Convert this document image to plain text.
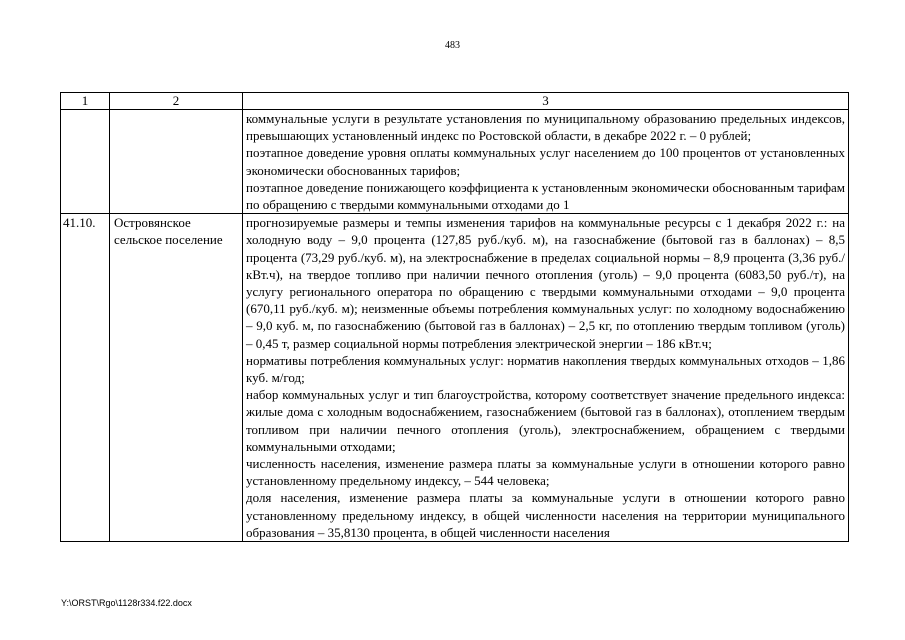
483
1	2	3

		коммунальные услуги в результате установления по муниципальному образованию предельных индексов, превышающих установленный индекс по Ростовской области, в декабре 2022 г. – 0 рублей;

поэтапное доведение уровня оплаты коммунальных услуг населением до 100 процентов от установленных экономически обоснованных тарифов;

поэтапное доведение понижающего коэффициента к установленным экономически обоснованным тарифам по обращению с твердыми коммунальными отходами до 1

41.10.	Островянское сельское поселение	прогнозируемые размеры и темпы изменения тарифов на коммунальные ресурсы с 1 декабря 2022 г.: на холодную воду – 9,0 процента (127,85 руб./куб. м), на газоснабжение (бытовой газ в баллонах) – 8,5 процента (73,29 руб./куб. м), на электроснабжение в пределах социальной нормы – 8,9 процента (3,36 руб./кВт.ч), на твердое топливо при наличии печного отопления (уголь) – 9,0 процента (6083,50 руб./т), на услугу регионального оператора по обращению с твердыми коммунальными отходами – 9,0 процента (670,11 руб./куб. м); неизменные объемы потребления коммунальных услуг: по холодному водоснабжению – 9,0 куб. м, по газоснабжению (бытовой газ в баллонах) – 2,5 кг, по отоплению твердым топливом (уголь) – 0,45 т, размер социальной нормы потребления электрической энергии – 186 кВт.ч;

нормативы потребления коммунальных услуг: норматив накопления твердых коммунальных отходов – 1,86 куб. м/год;

набор коммунальных услуг и тип благоустройства, которому соответствует значение предельного индекса: жилые дома с холодным водоснабжением, газоснабжением (бытовой газ в баллонах), отоплением твердым топливом при наличии печного отопления (уголь), электроснабжением, обращением с твердыми коммунальными отходами;

численность населения, изменение размера платы за коммунальные услуги в отношении которого равно установленному предельному индексу, – 544 человека;

доля населения, изменение размера платы за коммунальные услуги в отношении которого равно установленному предельному индексу, в общей численности населения на территории муниципального образования – 35,8130 процента, в общей численности населения

Y:\ORST\Rgo\1128r334.f22.docx
